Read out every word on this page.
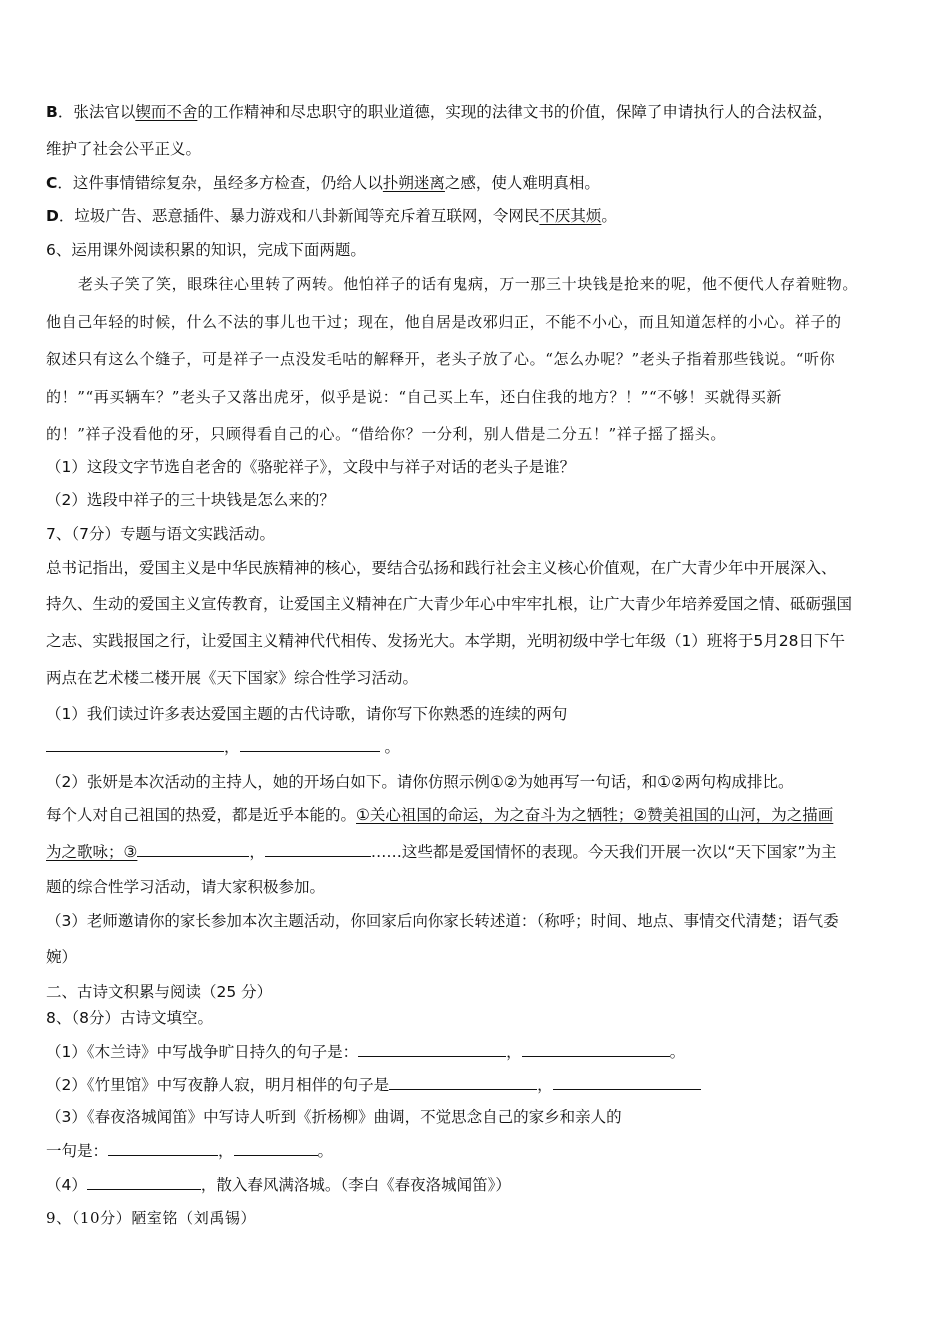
B．张法官以锲而不舍的工作精神和尽忠职守的职业道德，实现的法律文书的价值，保障了申请执行人的合法权益，
维护了社会公平正义。
C．这件事情错综复杂，虽经多方检查，仍给人以扑朔迷离之感，使人难明真相。
D．垃圾广告、恶意插件、暴力游戏和八卦新闻等充斥着互联网，令网民不厌其烦。
6、运用课外阅读积累的知识，完成下面两题。
老头子笑了笑，眼珠往心里转了两转。他怕祥子的话有鬼病，万一那三十块钱是抢来的呢，他不便代人存着赃物。
他自己年轻的时候，什么不法的事儿也干过；现在，他自居是改邪归正，不能不小心，而且知道怎样的小心。祥子的
叙述只有这么个缝子，可是祥子一点没发毛咕的解释开，老头子放了心。“怎么办呢？”老头子指着那些钱说。“听你
的！”“再买辆车？”老头子又落出虎牙，似乎是说：“自己买上车，还白住我的地方？！”“不够！买就得买新
的！”祥子没看他的牙，只顾得看自己的心。“借给你？一分利，别人借是二分五！”祥子摇了摇头。
（1）这段文字节选自老舍的《骆驼祥子》，文段中与祥子对话的老头子是谁？
（2）选段中祥子的三十块钱是怎么来的？
7、（7分）专题与语文实践活动。
总书记指出，爱国主义是中华民族精神的核心，要结合弘扬和践行社会主义核心价值观，在广大青少年中开展深入、
持久、生动的爱国主义宣传教育，让爱国主义精神在广大青少年心中牢牢扎根，让广大青少年培养爱国之情、砥砺强国
之志、实践报国之行，让爱国主义精神代代相传、发扬光大。本学期，光明初级中学七年级（1）班将于5月28日下午
两点在艺术楼二楼开展《天下国家》综合性学习活动。
（1）我们读过许多表达爱国主题的古代诗歌，请你写下你熟悉的连续的两句
，	。
（2）张妍是本次活动的主持人，她的开场白如下。请你仿照示例①②为她再写一句话，和①②两句构成排比。
每个人对自己祖国的热爱，都是近乎本能的。①关心祖国的命运，为之奋斗为之牺牲；②赞美祖国的山河，为之描画
为之歌咏；③	，	……这些都是爱国情怀的表现。今天我们开展一次以“天下国家”为主
题的综合性学习活动，请大家积极参加。
（3）老师邀请你的家长参加本次主题活动，你回家后向你家长转述道：（称呼；时间、地点、事情交代清楚；语气委
婉）
二、古诗文积累与阅读（25 分）
8、（8分）古诗文填空。
（1）《木兰诗》中写战争旷日持久的句子是：	，	。
（2）《竹里馆》中写夜静人寂，明月相伴的句子是	，
（3）《春夜洛城闻笛》中写诗人听到《折杨柳》曲调，不觉思念自己的家乡和亲人的
一句是：	，	。
（4）	，散入春风满洛城。（李白《春夜洛城闻笛》）
9、（10分）陋室铭（刘禹锡）
